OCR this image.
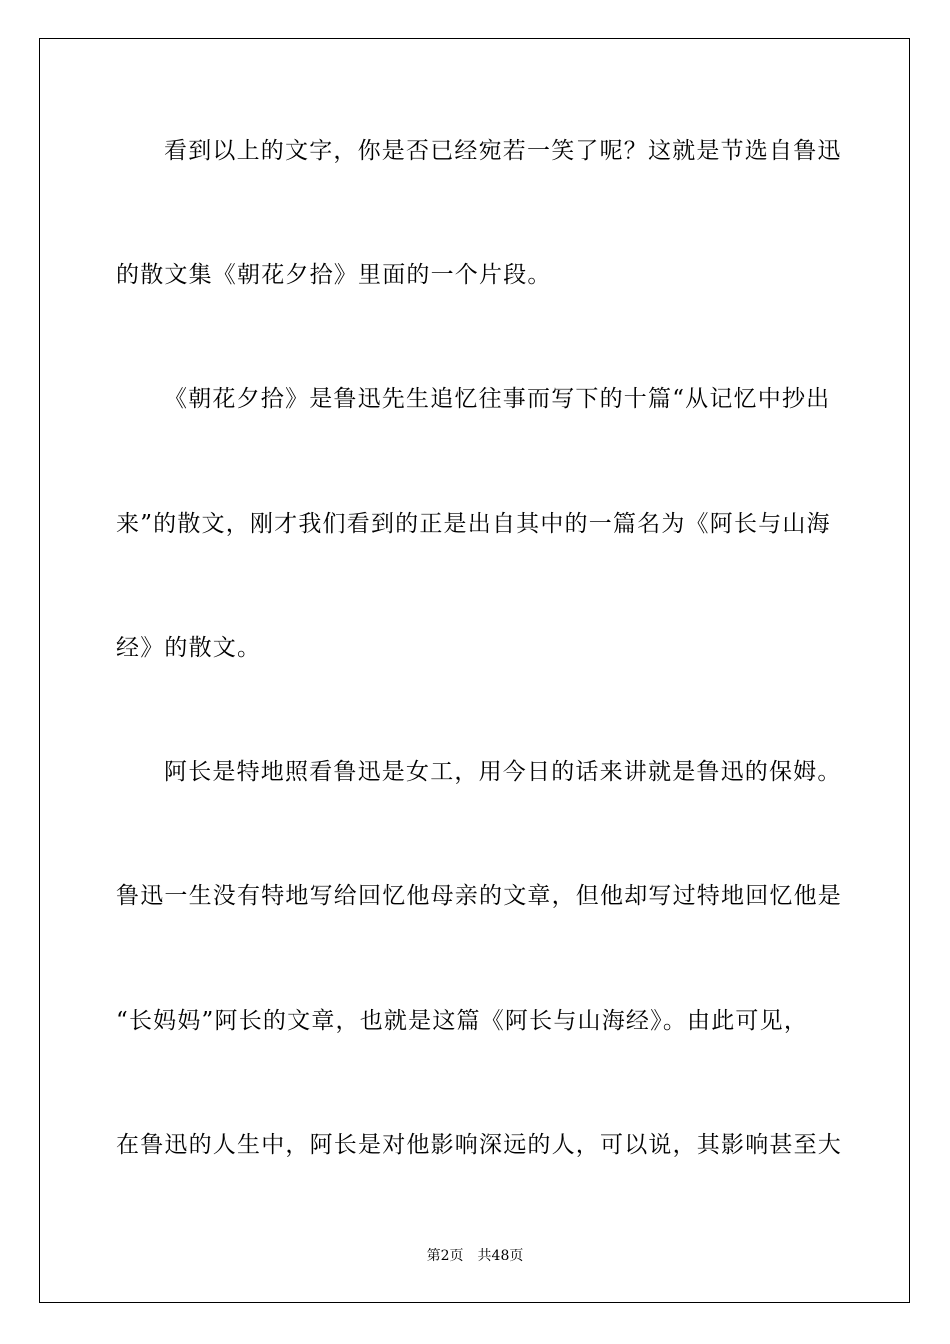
看到以上的文字，你是否已经宛若一笑了呢？这就是节选自鲁迅
的散文集《朝花夕拾》里面的一个片段。
《朝花夕拾》是鲁迅先生追忆往事而写下的十篇“从记忆中抄出
来”的散文，刚才我们看到的正是出自其中的一篇名为《阿长与山海
经》的散文。
阿长是特地照看鲁迅是女工，用今日的话来讲就是鲁迅的保姆。
鲁迅一生没有特地写给回忆他母亲的文章，但他却写过特地回忆他是
“长妈妈”阿长的文章，也就是这篇《阿长与山海经》。由此可见，
在鲁迅的人生中，阿长是对他影响深远的人，可以说，其影响甚至大
第2页 共48页
